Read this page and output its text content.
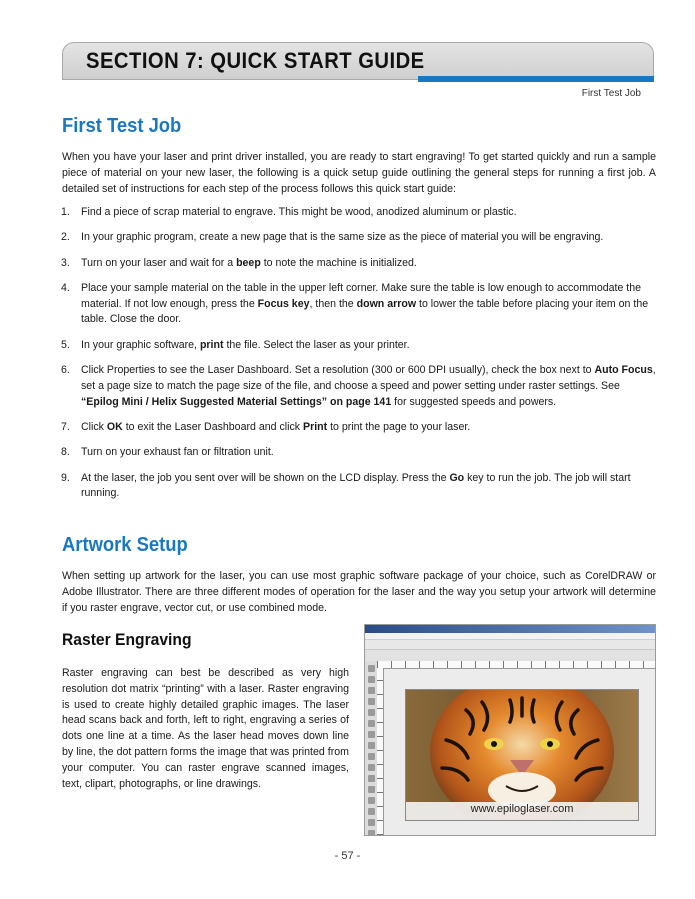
SECTION 7: QUICK START GUIDE
First Test Job
First Test Job

When you have your laser and print driver installed, you are ready to start engraving! To get started quickly and run a sample piece of material on your new laser, the following is a quick setup guide outlining the general steps for running a first job. A detailed set of instructions for each step of the process follows this quick start guide:

1. Find a piece of scrap material to engrave. This might be wood, anodized aluminum or plastic.
2. In your graphic program, create a new page that is the same size as the piece of material you will be engraving.
3. Turn on your laser and wait for a beep to note the machine is initialized.
4. Place your sample material on the table in the upper left corner. Make sure the table is low enough to accommodate the material. If not low enough, press the Focus key, then the down arrow to lower the table before placing your item on the table. Close the door.
5. In your graphic software, print the file. Select the laser as your printer.
6. Click Properties to see the Laser Dashboard. Set a resolution (300 or 600 DPI usually), check the box next to Auto Focus, set a page size to match the page size of the file, and choose a speed and power setting under raster settings. See “Epilog Mini / Helix Suggested Material Settings” on page 141 for suggested speeds and powers.
7. Click OK to exit the Laser Dashboard and click Print to print the page to your laser.
8. Turn on your exhaust fan or filtration unit.
9. At the laser, the job you sent over will be shown on the LCD display. Press the Go key to run the job. The job will start running.
Artwork Setup

When setting up artwork for the laser, you can use most graphic software package of your choice, such as CorelDRAW or Adobe Illustrator. There are three different modes of operation for the laser and the way you setup your artwork will determine if you raster engrave, vector cut, or use combined mode.

Raster Engraving

Raster engraving can best be described as very high resolution dot matrix “printing” with a laser. Raster engraving is used to create highly detailed graphic images. The laser head scans back and forth, left to right, engraving a series of dots one line at a time. As the laser head moves down line by line, the dot pattern forms the image that was printed from your computer. You can raster engrave scanned images, text, clipart, photographs, or line drawings.

www.epiloglaser.com
- 57 -
